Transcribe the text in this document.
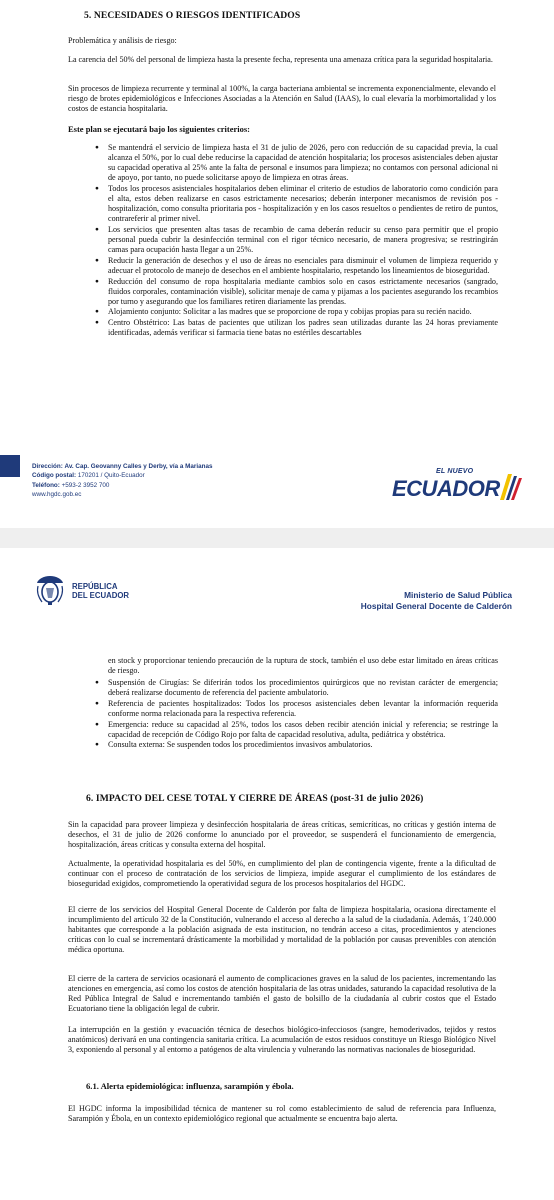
5. NECESIDADES O RIESGOS IDENTIFICADOS
Problemática y análisis de riesgo:
La carencia del 50% del personal de limpieza hasta la presente fecha, representa una amenaza crítica para la seguridad hospitalaria.
Sin procesos de limpieza recurrente y terminal al 100%, la carga bacteriana ambiental se incrementa exponencialmente, elevando el riesgo de brotes epidemiológicos e Infecciones Asociadas a la Atención en Salud (IAAS), lo cual elevaría la morbimortalidad y los costos de estancia hospitalaria.
Este plan se ejecutará bajo los siguientes criterios:
● Se mantendrá el servicio de limpieza hasta el 31 de julio de 2026, pero con reducción de su capacidad previa, la cual alcanza el 50%, por lo cual debe reducirse la capacidad de atención hospitalaria; los procesos asistenciales deben ajustar su capacidad operativa al 25% ante la falta de personal e insumos para limpieza; no contamos con personal adicional ni de apoyo, por tanto, no puede solicitarse apoyo de limpieza en otras áreas.
● Todos los procesos asistenciales hospitalarios deben eliminar el criterio de estudios de laboratorio como condición para el alta, estos deben realizarse en casos estrictamente necesarios; deberán interponer mecanismos de revisión pos - hospitalización, como consulta prioritaria pos - hospitalización y en los casos resueltos o pendientes de retiro de puntos, contrareferir al primer nivel.
● Los servicios que presenten altas tasas de recambio de cama deberán reducir su censo para permitir que el propio personal pueda cubrir la desinfección terminal con el rigor técnico necesario, de manera progresiva; se restringirán camas para ocupación hasta llegar a un 25%.
● Reducir la generación de desechos y el uso de áreas no esenciales para disminuir el volumen de limpieza requerido y adecuar el protocolo de manejo de desechos en el ambiente hospitalario, respetando los lineamientos de bioseguridad.
● Reducción del consumo de ropa hospitalaria mediante cambios solo en casos estrictamente necesarios (sangrado, fluidos corporales, contaminación visible), solicitar menaje de cama y pijamas a los pacientes asegurando los recambios por turno y asegurando que los familiares retiren diariamente las prendas.
● Alojamiento conjunto: Solicitar a las madres que se proporcione de ropa y cobijas propias para su recién nacido.
● Centro Obstétrico: Las batas de pacientes que utilizan los padres sean utilizadas durante las 24 horas previamente identificadas, además verificar si farmacia tiene batas no estériles descartables
Dirección: Av. Cap. Geovanny Calles y Derby, vía a Marianas
Código postal: 170201 / Quito-Ecuador
Teléfono: +593-2 3952 700
www.hgdc.gob.ec
EL NUEVO
ECUADOR
REPÚBLICA
DEL ECUADOR	Ministerio de Salud Pública
Hospital General Docente de Calderón
en stock y proporcionar teniendo precaución de la ruptura de stock, también el uso debe estar limitado en áreas críticas de riesgo.
● Suspensión de Cirugías: Se diferirán todos los procedimientos quirúrgicos que no revistan carácter de emergencia; deberá realizarse documento de referencia del paciente ambulatorio.
● Referencia de pacientes hospitalizados: Todos los procesos asistenciales deben levantar la información requerida conforme norma relacionada para la respectiva referencia.
● Emergencia: reduce su capacidad al 25%, todos los casos deben recibir atención inicial y referencia; se restringe la capacidad de recepción de Código Rojo por falta de capacidad resolutiva, adulta, pediátrica y obstétrica.
● Consulta externa: Se suspenden todos los procedimientos invasivos ambulatorios.
6. IMPACTO DEL CESE TOTAL Y CIERRE DE ÁREAS (post-31 de julio 2026)
Sin la capacidad para proveer limpieza y desinfección hospitalaria de áreas críticas, semicríticas, no críticas y gestión interna de desechos, el 31 de julio de 2026 conforme lo anunciado por el proveedor, se suspenderá el funcionamiento de emergencia, hospitalización, áreas críticas y consulta externa del hospital.
Actualmente, la operatividad hospitalaria es del 50%, en cumplimiento del plan de contingencia vigente, frente a la dificultad de continuar con el proceso de contratación de los servicios de limpieza, impide asegurar el cumplimiento de los estándares de bioseguridad exigidos, comprometiendo la operatividad segura de los procesos hospitalarios del HGDC.
El cierre de los servicios del Hospital General Docente de Calderón por falta de limpieza hospitalaria, ocasiona directamente el incumplimiento del artículo 32 de la Constitución, vulnerando el acceso al derecho a la salud de la ciudadanía. Además, 1´240.000 habitantes que corresponde a la población asignada de esta institucion, no tendrán acceso a citas, procedimientos y atenciones críticas con lo cual se incrementará drásticamente la morbilidad y mortalidad de la población por causas prevenibles con atención médica oportuna.
El cierre de la cartera de servicios ocasionará el aumento de complicaciones graves en la salud de los pacientes, incrementando las atenciones en emergencia, así como los costos de atención hospitalaria de las otras unidades, saturando la capacidad resolutiva de la Red Pública Integral de Salud e incrementando también el gasto de bolsillo de la ciudadanía al cubrir costos que el Estado Ecuatoriano tiene la obligación legal de cubrir.
La interrupción en la gestión y evacuación técnica de desechos biológico-infecciosos (sangre, hemoderivados, tejidos y restos anatómicos) derivará en una contingencia sanitaria crítica. La acumulación de estos residuos constituye un Riesgo Biológico Nivel 3, exponiendo al personal y al entorno a patógenos de alta virulencia y vulnerando las normativas nacionales de bioseguridad.
6.1. Alerta epidemiológica: influenza, sarampión y ébola.
El HGDC informa la imposibilidad técnica de mantener su rol como establecimiento de salud de referencia para Influenza, Sarampión y Ébola, en un contexto epidemiológico regional que actualmente se encuentra bajo alerta.
